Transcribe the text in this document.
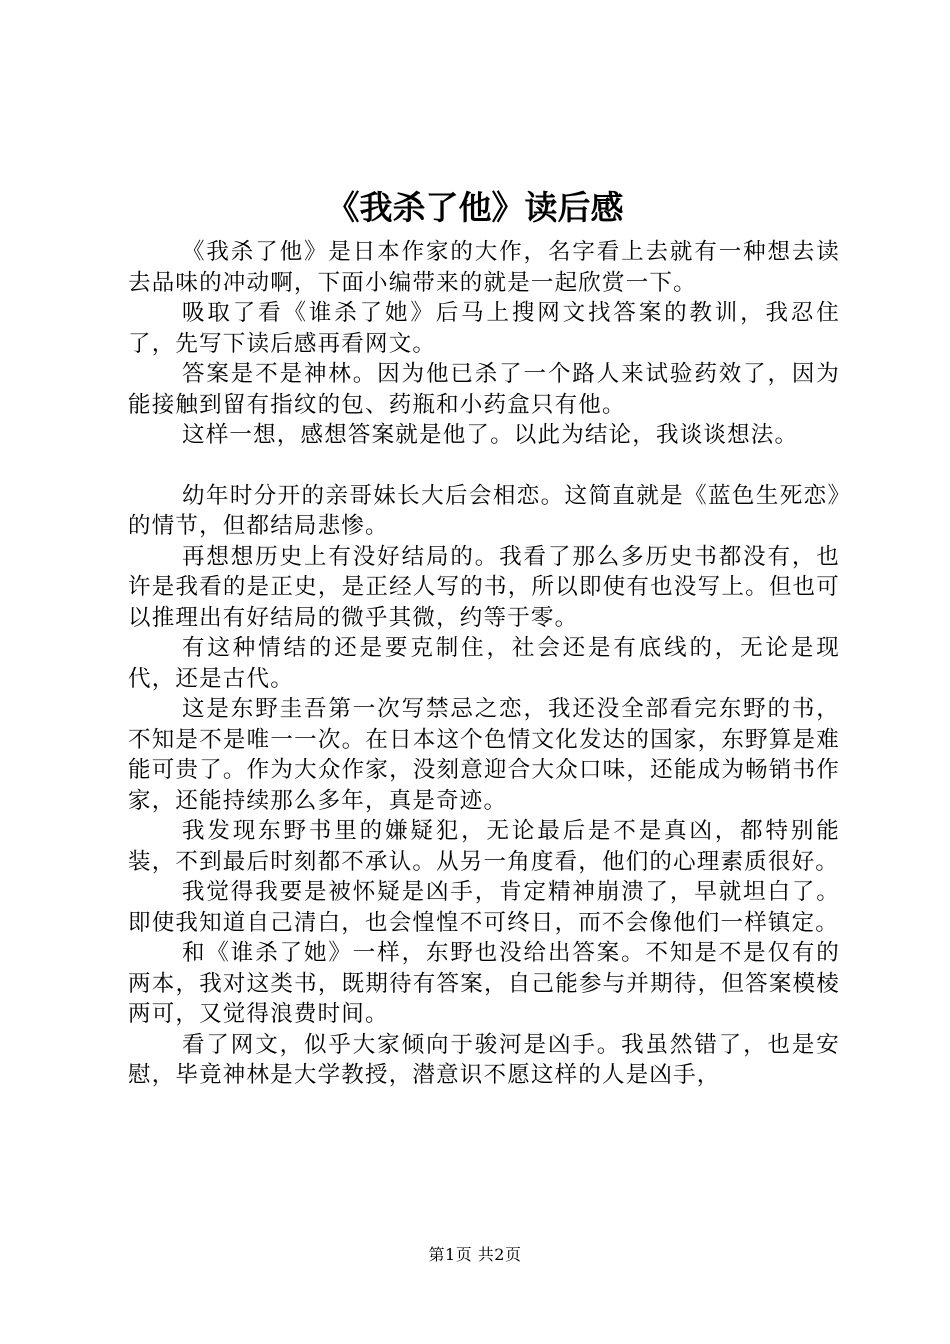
《我杀了他》读后感

《我杀了他》是日本作家的大作，名字看上去就有一种想去读去品味的冲动啊，下面小编带来的就是一起欣赏一下。

吸取了看《谁杀了她》后马上搜网文找答案的教训，我忍住了，先写下读后感再看网文。

答案是不是神林。因为他已杀了一个路人来试验药效了，因为能接触到留有指纹的包、药瓶和小药盒只有他。

这样一想，感想答案就是他了。以此为结论，我谈谈想法。

幼年时分开的亲哥妹长大后会相恋。这简直就是《蓝色生死恋》的情节，但都结局悲惨。

再想想历史上有没好结局的。我看了那么多历史书都没有，也许是我看的是正史，是正经人写的书，所以即使有也没写上。但也可以推理出有好结局的微乎其微，约等于零。

有这种情结的还是要克制住，社会还是有底线的，无论是现代，还是古代。

这是东野圭吾第一次写禁忌之恋，我还没全部看完东野的书，不知是不是唯一一次。在日本这个色情文化发达的国家，东野算是难能可贵了。作为大众作家，没刻意迎合大众口味，还能成为畅销书作家，还能持续那么多年，真是奇迹。

我发现东野书里的嫌疑犯，无论最后是不是真凶，都特别能装，不到最后时刻都不承认。从另一角度看，他们的心理素质很好。

我觉得我要是被怀疑是凶手，肯定精神崩溃了，早就坦白了。即使我知道自己清白，也会惶惶不可终日，而不会像他们一样镇定。

和《谁杀了她》一样，东野也没给出答案。不知是不是仅有的两本，我对这类书，既期待有答案，自己能参与并期待，但答案模棱两可，又觉得浪费时间。

看了网文，似乎大家倾向于骏河是凶手。我虽然错了，也是安慰，毕竟神林是大学教授，潜意识不愿这样的人是凶手，

第1页 共2页
